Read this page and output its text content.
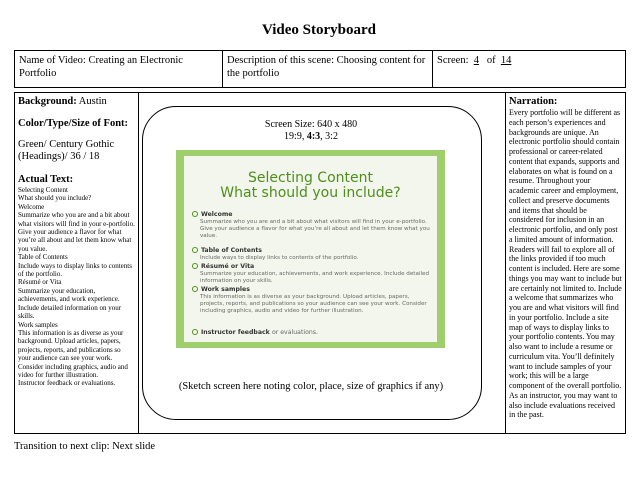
Video Storyboard
Name of Video: Creating an Electronic Portfolio
Description of this scene: Choosing content for the portfolio
Screen: 4 of 14
Background: Austin
Color/Type/Size of Font:
Green/ Century Gothic
(Headings)/ 36 / 18
Actual Text:
Selecting Content
What should you include?
Welcome
Summarize who you are and a bit about what visitors will find in your e-portfolio. Give your audience a flavor for what you’re all about and let them know what you value.
Table of Contents
Include ways to display links to contents of the portfolio.
Résumé or Vita
Summarize your education, achievements, and work experience. Include detailed information on your skills.
Work samples
This information is as diverse as your background. Upload articles, papers, projects, reports, and publications so your audience can see your work. Consider including graphics, audio and video for further illustration.
Instructor feedback or evaluations.
Narration:
Every portfolio will be different as each person’s experiences and backgrounds are unique. An electronic portfolio should contain professional or career-related content that expands, supports and elaborates on what is found on a resume. Throughout your academic career and employment, collect and preserve documents and items that should be considered for inclusion in an electronic portfolio, and only post a limited amount of information. Readers will fail to explore all of the links provided if too much content is included. Here are some things you may want to include but are certainly not limited to. Include a welcome that summarizes who you are and what visitors will find in your portfolio. Include a site map of ways to display links to your portfolio contents. You may also want to include a resume or curriculum vita. You’ll definitely want to include samples of your work; this will be a large component of the overall portfolio. As an instructor, you may want to also include evaluations received in the past.
Screen Size: 640 x 480
19:9, 4:3, 3:2
Selecting Content
What should you include?
Welcome
Summarize who you are and a bit about what visitors will find in your e-portfolio. Give your audience a flavor for what you’re all about and let them know what you value.
Table of Contents
Include ways to display links to contents of the portfolio.
Résumé or Vita
Summarize your education, achievements, and work experience. Include detailed information on your skills.
Work samples
This information is as diverse as your background. Upload articles, papers, projects, reports, and publications so your audience can see your work. Consider including graphics, audio and video for further illustration.
Instructor feedback or evaluations.
(Sketch screen here noting color, place, size of graphics if any)
Transition to next clip: Next slide
